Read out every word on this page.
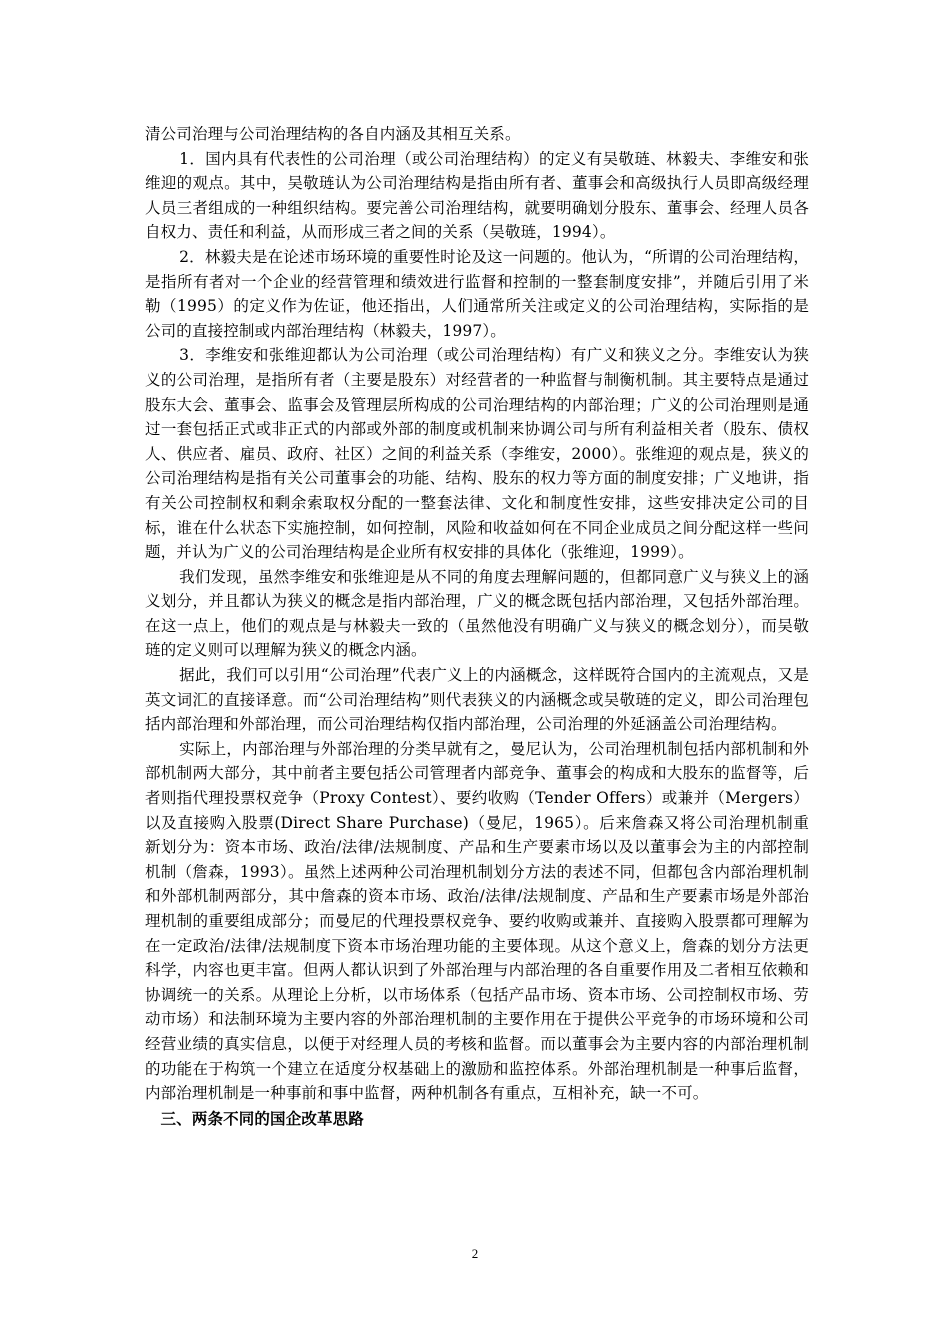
清公司治理与公司治理结构的各自内涵及其相互关系。

1．国内具有代表性的公司治理（或公司治理结构）的定义有吴敬琏、林毅夫、李维安和张维迎的观点。其中，吴敬琏认为公司治理结构是指由所有者、董事会和高级执行人员即高级经理人员三者组成的一种组织结构。要完善公司治理结构，就要明确划分股东、董事会、经理人员各自权力、责任和利益，从而形成三者之间的关系（吴敬琏，1994）。

2．林毅夫是在论述市场环境的重要性时论及这一问题的。他认为，“所谓的公司治理结构，是指所有者对一个企业的经营管理和绩效进行监督和控制的一整套制度安排”，并随后引用了米勒（1995）的定义作为佐证，他还指出，人们通常所关注或定义的公司治理结构，实际指的是公司的直接控制或内部治理结构（林毅夫，1997）。

3．李维安和张维迎都认为公司治理（或公司治理结构）有广义和狭义之分。李维安认为狭义的公司治理，是指所有者（主要是股东）对经营者的一种监督与制衡机制。其主要特点是通过股东大会、董事会、监事会及管理层所构成的公司治理结构的内部治理；广义的公司治理则是通过一套包括正式或非正式的内部或外部的制度或机制来协调公司与所有利益相关者（股东、债权人、供应者、雇员、政府、社区）之间的利益关系（李维安，2000）。张维迎的观点是，狭义的公司治理结构是指有关公司董事会的功能、结构、股东的权力等方面的制度安排；广义地讲，指有关公司控制权和剩余索取权分配的一整套法律、文化和制度性安排，这些安排决定公司的目标，谁在什么状态下实施控制，如何控制，风险和收益如何在不同企业成员之间分配这样一些问题，并认为广义的公司治理结构是企业所有权安排的具体化（张维迎，1999）。

我们发现，虽然李维安和张维迎是从不同的角度去理解问题的，但都同意广义与狭义上的涵义划分，并且都认为狭义的概念是指内部治理，广义的概念既包括内部治理，又包括外部治理。在这一点上，他们的观点是与林毅夫一致的（虽然他没有明确广义与狭义的概念划分），而吴敬琏的定义则可以理解为狭义的概念内涵。

据此，我们可以引用“公司治理”代表广义上的内涵概念，这样既符合国内的主流观点，又是英文词汇的直接译意。而“公司治理结构”则代表狭义的内涵概念或吴敬琏的定义，即公司治理包括内部治理和外部治理，而公司治理结构仅指内部治理，公司治理的外延涵盖公司治理结构。

实际上，内部治理与外部治理的分类早就有之，曼尼认为，公司治理机制包括内部机制和外部机制两大部分，其中前者主要包括公司管理者内部竞争、董事会的构成和大股东的监督等，后者则指代理投票权竞争（Proxy Contest）、要约收购（Tender Offers）或兼并（Mergers）以及直接购入股票(Direct Share Purchase)（曼尼，1965）。后来詹森又将公司治理机制重新划分为：资本市场、政治/法律/法规制度、产品和生产要素市场以及以董事会为主的内部控制机制（詹森，1993）。虽然上述两种公司治理机制划分方法的表述不同，但都包含内部治理机制和外部机制两部分，其中詹森的资本市场、政治/法律/法规制度、产品和生产要素市场是外部治理机制的重要组成部分；而曼尼的代理投票权竞争、要约收购或兼并、直接购入股票都可理解为在一定政治/法律/法规制度下资本市场治理功能的主要体现。从这个意义上，詹森的划分方法更科学，内容也更丰富。但两人都认识到了外部治理与内部治理的各自重要作用及二者相互依赖和协调统一的关系。从理论上分析，以市场体系（包括产品市场、资本市场、公司控制权市场、劳动市场）和法制环境为主要内容的外部治理机制的主要作用在于提供公平竞争的市场环境和公司经营业绩的真实信息，以便于对经理人员的考核和监督。而以董事会为主要内容的内部治理机制的功能在于构筑一个建立在适度分权基础上的激励和监控体系。外部治理机制是一种事后监督，内部治理机制是一种事前和事中监督，两种机制各有重点，互相补充，缺一不可。

三、两条不同的国企改革思路

2
